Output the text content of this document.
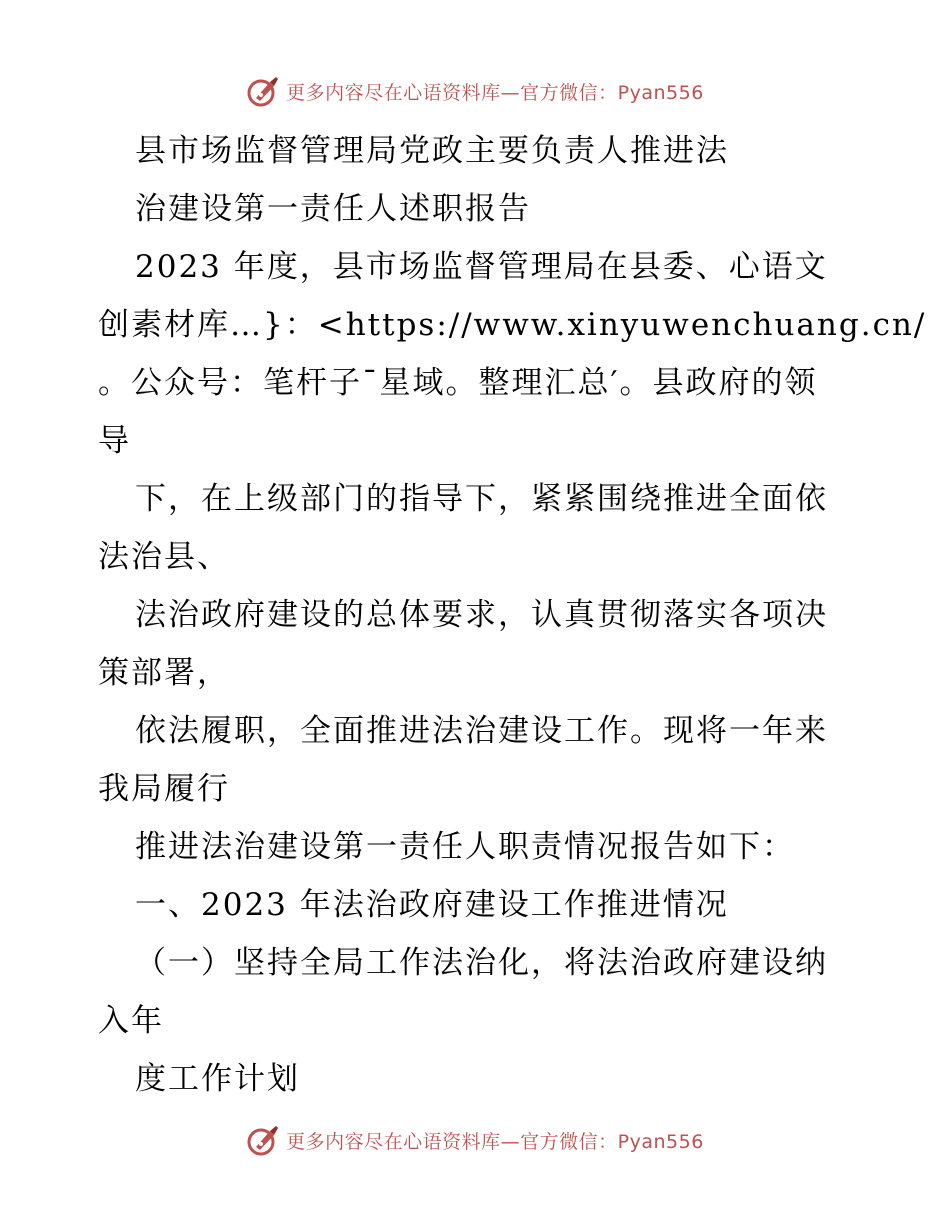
更多内容尽在心语资料库—官方微信：Pyan556
县市场监督管理局党政主要负责人推进法
治建设第一责任人述职报告
2023 年度，县市场监督管理局在县委、心语文
创素材库…}：<https://www.xinyuwenchuang.cn/
。公众号：笔杆子¯星域。整理汇总′。县政府的领
导
下，在上级部门的指导下，紧紧围绕推进全面依
法治县、
法治政府建设的总体要求，认真贯彻落实各项决
策部署，
依法履职，全面推进法治建设工作。现将一年来
我局履行
推进法治建设第一责任人职责情况报告如下：
一、2023 年法治政府建设工作推进情况
（一）坚持全局工作法治化，将法治政府建设纳
入年
度工作计划
更多内容尽在心语资料库—官方微信：Pyan556
